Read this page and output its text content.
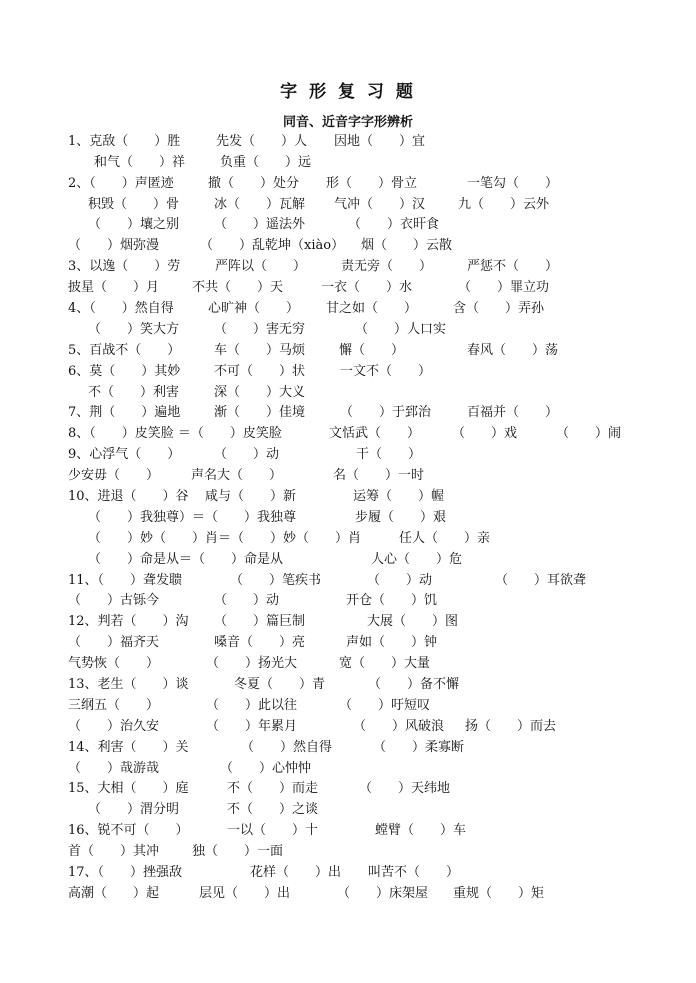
字 形 复 习 题
同音、近音字字形辨析
1、克敌（　　）胜	先发（　　）人 因地（　　）宜
和气（　　）祥	负重（　　）远
2、（　　）声匿迹	撤（　　）处分 形（　　）骨立	一笔勾（　　）
积毁（　　）骨	冰（　　）瓦解 气冲（　　）汉	九（　　）云外
（　　）壤之别	（　　）遥法外	（　　）衣旰食
（　　）烟弥漫	（　　）乱乾坤（xiào） 烟（　　）云散
3、以逸（　　）劳	严阵以（　　）	责无旁（　　）	严惩不（　　）
披星（　　）月	不共（　　）天	一衣（　　）水	（　　）罪立功
4、（　　）然自得	心旷神（　　） 甘之如（　　）	含（　　）弄孙
（　　）笑大方	（　　）害无穷	（　　）人口实
5、百战不（　　）	车（　　）马烦	懈（　　）	春风（　　）荡
6、莫（　　）其妙	不可（　　）状	一文不（　　）
不（　　）利害	深（　　）大义
7、荆（　　）遍地	渐（　　）佳境	（　　）于郅治	百福并（　　）
8、（　　）皮笑脸 ＝（　　）皮笑脸	文恬武（　　） （　　）戏	（　　）闹
9、心浮气（　　）	（　　）动	干（　　）
少安毋（　　） 声名大（　　）	名（　　）一时
10、进退（　　）谷 咸与（　　）新	运筹（　　）幄
（　　）我独尊）＝（　　）我独尊	步履（　　）艰
（　　）妙（　　）肖＝（　　）妙（　　）肖	任人（　　）亲
（　　）命是从＝（　　）命是从	人心（　　）危
11、（　　）聋发聩	（　　）笔疾书	（　　）动	（　　）耳欲聋
（　　）古铄今	（　　）动	开仓（　　）饥
12、判若（　　）沟 （　　）篇巨制	大展（　　）图
（　　）福齐天	嗓音（　　）亮	声如（　　）钟
气势恢（　　）	（　　）扬光大	宽（　　）大量
13、老生（　　）谈	冬夏（　　）青	（　　）备不懈
三纲五（　　）	（　　）此以往	（　　）吁短叹
（　　）治久安	（　　）年累月	（　　）风破浪 扬（　　）而去
14、利害（　　）关	（　　）然自得	（　　）柔寡断
（　　）哉游哉	（　　）心忡忡
15、大相（　　）庭	不（　　）而走	（　　）天纬地
（　　）渭分明	不（　　）之谈
16、锐不可（　　）	一以（　　）十	螳臂（　　）车
首（　　）其冲	独（　　）一面
17、（　　）挫强敌	花样（　　）出 叫苦不（　　）
高潮（　　）起	层见（　　）出	（　　）床架屋 重规（　　）矩
